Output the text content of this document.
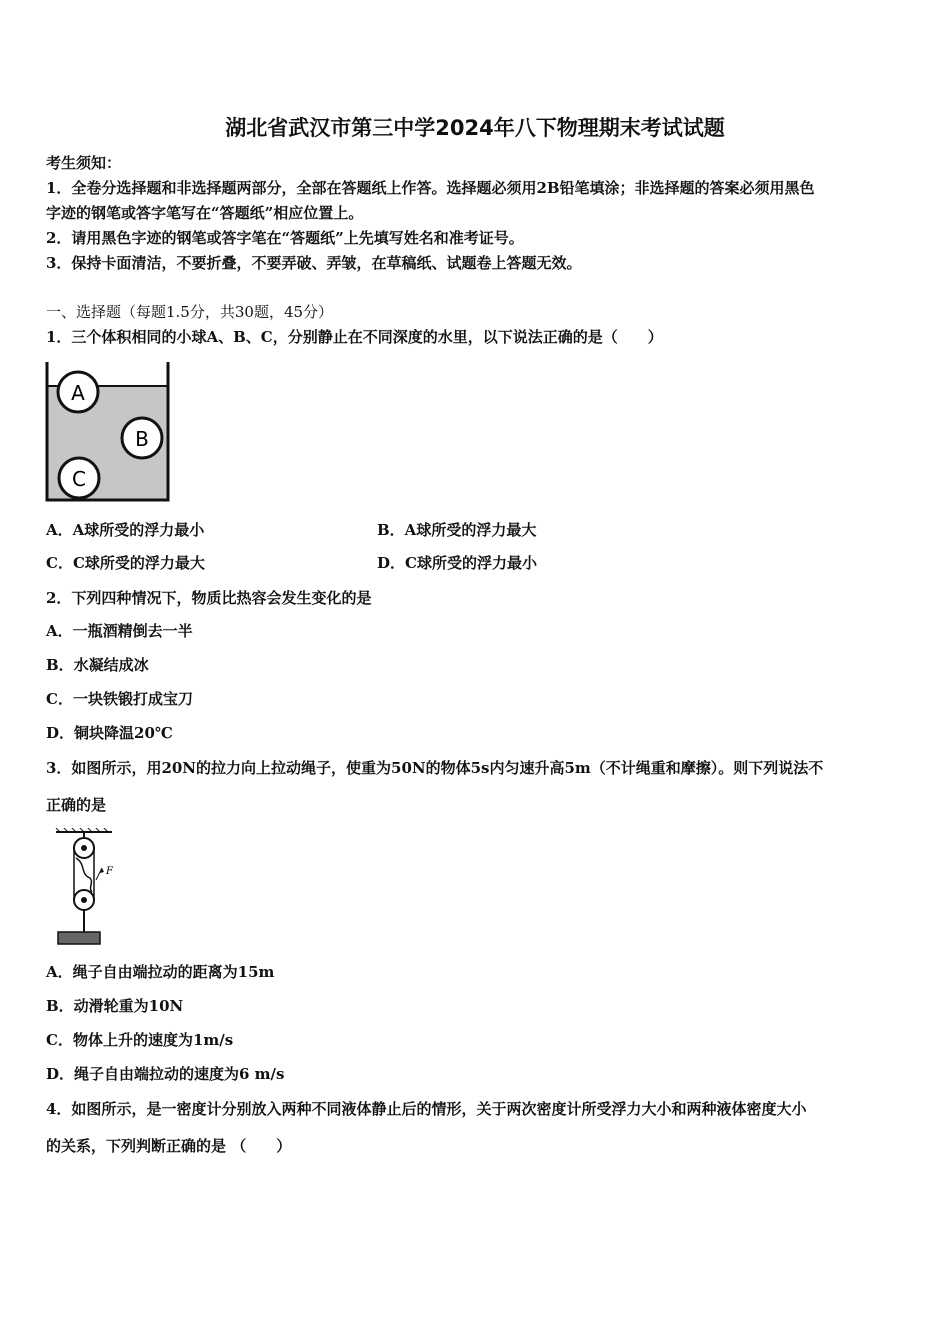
湖北省武汉市第三中学2024年八下物理期末考试试题
考生须知：
1．全卷分选择题和非选择题两部分，全部在答题纸上作答。选择题必须用2B铅笔填涂；非选择题的答案必须用黑色
字迹的钢笔或答字笔写在“答题纸”相应位置上。
2．请用黑色字迹的钢笔或答字笔在“答题纸”上先填写姓名和准考证号。
3．保持卡面清洁，不要折叠，不要弄破、弄皱，在草稿纸、试题卷上答题无效。
一、选择题（每题1.5分，共30题，45分）
1．三个体积相同的小球A、B、C，分别静止在不同深度的水里，以下说法正确的是（　　）
A
B
C
A．A球所受的浮力最小	B．A球所受的浮力最大
C．C球所受的浮力最大	D．C球所受的浮力最小
2．下列四种情况下，物质比热容会发生变化的是
A．一瓶酒精倒去一半
B．水凝结成冰
C．一块铁锻打成宝刀
D．铜块降温20℃
3．如图所示，用20N的拉力向上拉动绳子，使重为50N的物体5s内匀速升高5m（不计绳重和摩擦）。则下列说法不
正确的是
F
A．绳子自由端拉动的距离为15m
B．动滑轮重为10N
C．物体上升的速度为1m/s
D．绳子自由端拉动的速度为6 m/s
4．如图所示，是一密度计分别放入两种不同液体静止后的情形，关于两次密度计所受浮力大小和两种液体密度大小
的关系，下列判断正确的是 （　　）
